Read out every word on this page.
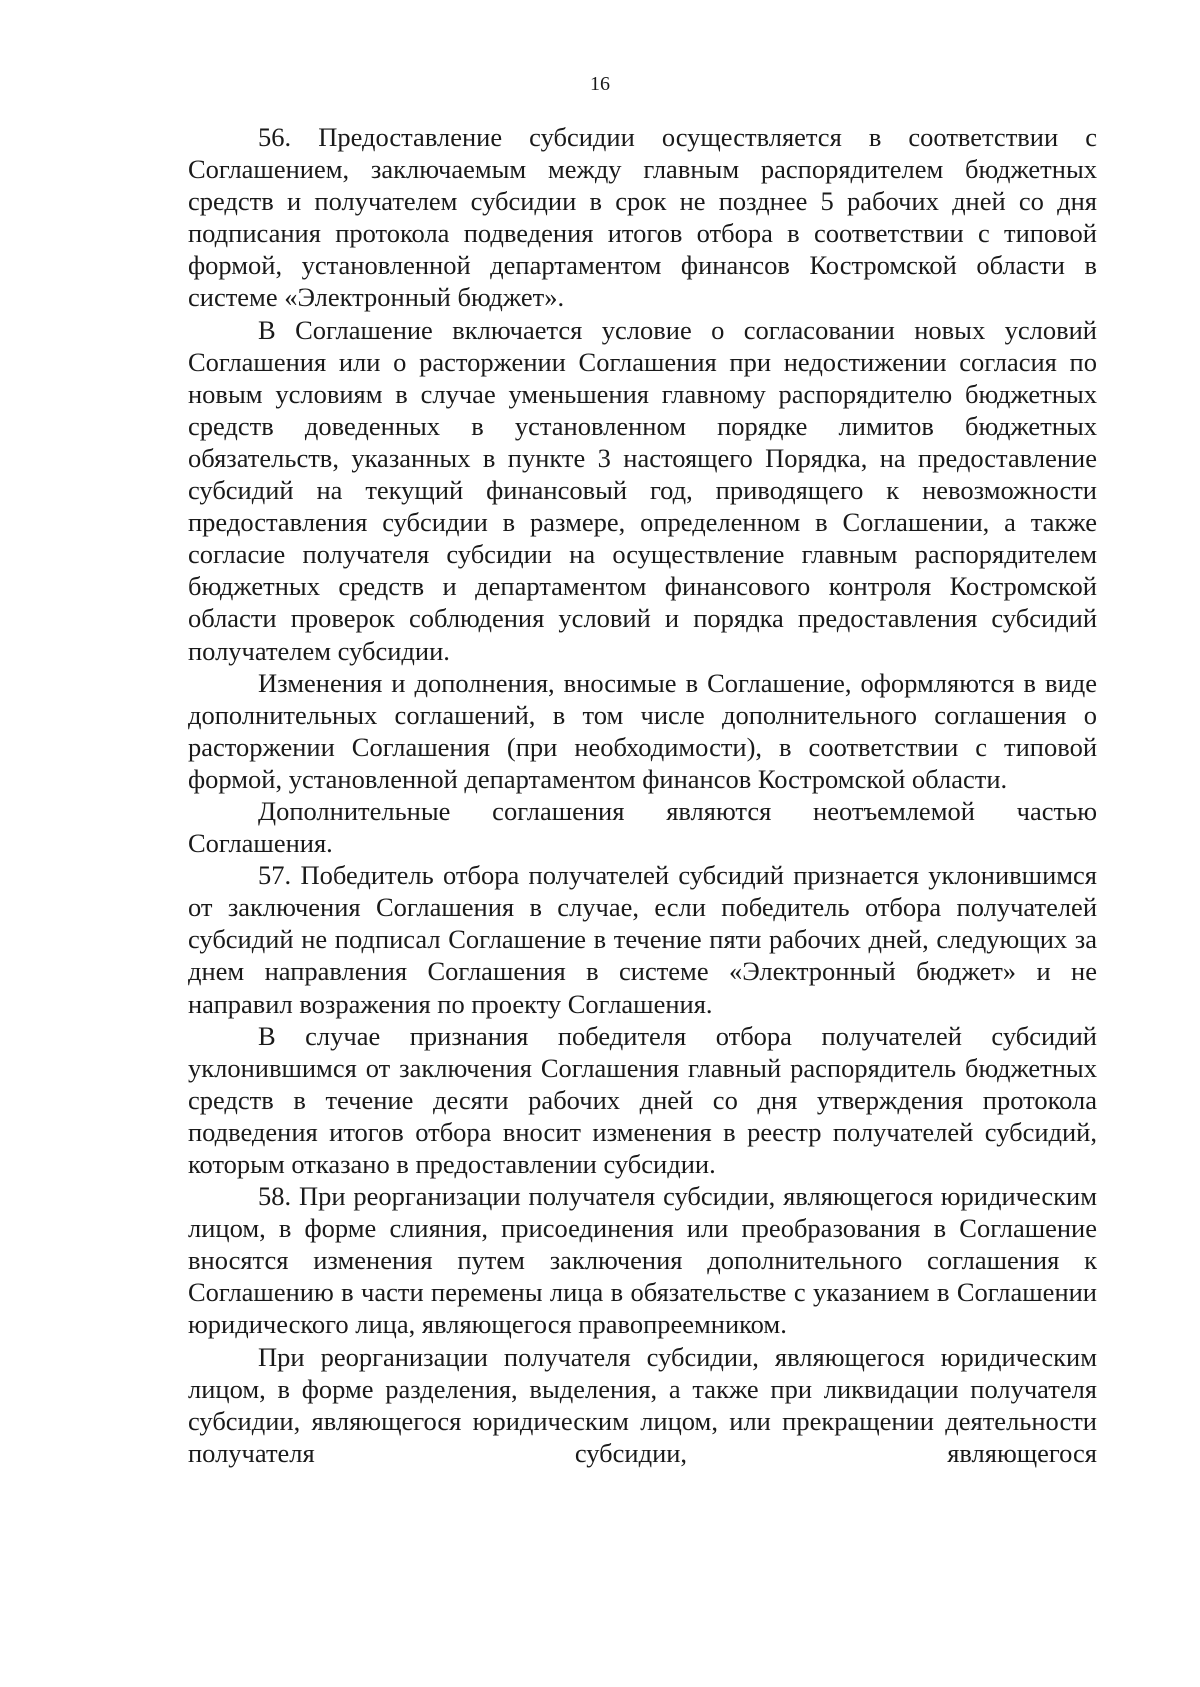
16

56. Предоставление субсидии осуществляется в соответствии с Соглашением, заключаемым между главным распорядителем бюджетных средств и получателем субсидии в срок не позднее 5 рабочих дней со дня подписания протокола подведения итогов отбора в соответствии с типовой формой, установленной департаментом финансов Костромской области в системе «Электронный бюджет».

В Соглашение включается условие о согласовании новых условий Соглашения или о расторжении Соглашения при недостижении согласия по новым условиям в случае уменьшения главному распорядителю бюджетных средств доведенных в установленном порядке лимитов бюджетных обязательств, указанных в пункте 3 настоящего Порядка, на предоставление субсидий на текущий финансовый год, приводящего к невозможности предоставления субсидии в размере, определенном в Соглашении, а также согласие получателя субсидии на осуществление главным распорядителем бюджетных средств и департаментом финансового контроля Костромской области проверок соблюдения условий и порядка предоставления субсидий получателем субсидии.

Изменения и дополнения, вносимые в Соглашение, оформляются в виде дополнительных соглашений, в том числе дополнительного соглашения о расторжении Соглашения (при необходимости), в соответствии с типовой формой, установленной департаментом финансов Костромской области.

Дополнительные соглашения являются неотъемлемой частью Соглашения.

57. Победитель отбора получателей субсидий признается уклонившимся от заключения Соглашения в случае, если победитель отбора получателей субсидий не подписал Соглашение в течение пяти рабочих дней, следующих за днем направления Соглашения в системе «Электронный бюджет» и не направил возражения по проекту Соглашения.

В случае признания победителя отбора получателей субсидий уклонившимся от заключения Соглашения главный распорядитель бюджетных средств в течение десяти рабочих дней со дня утверждения протокола подведения итогов отбора вносит изменения в реестр получателей субсидий, которым отказано в предоставлении субсидии.

58. При реорганизации получателя субсидии, являющегося юридическим лицом, в форме слияния, присоединения или преобразования в Соглашение вносятся изменения путем заключения дополнительного соглашения к Соглашению в части перемены лица в обязательстве с указанием в Соглашении юридического лица, являющегося правопреемником.

При реорганизации получателя субсидии, являющегося юридическим лицом, в форме разделения, выделения, а также при ликвидации получателя субсидии, являющегося юридическим лицом, или прекращении деятельности получателя субсидии, являющегося
